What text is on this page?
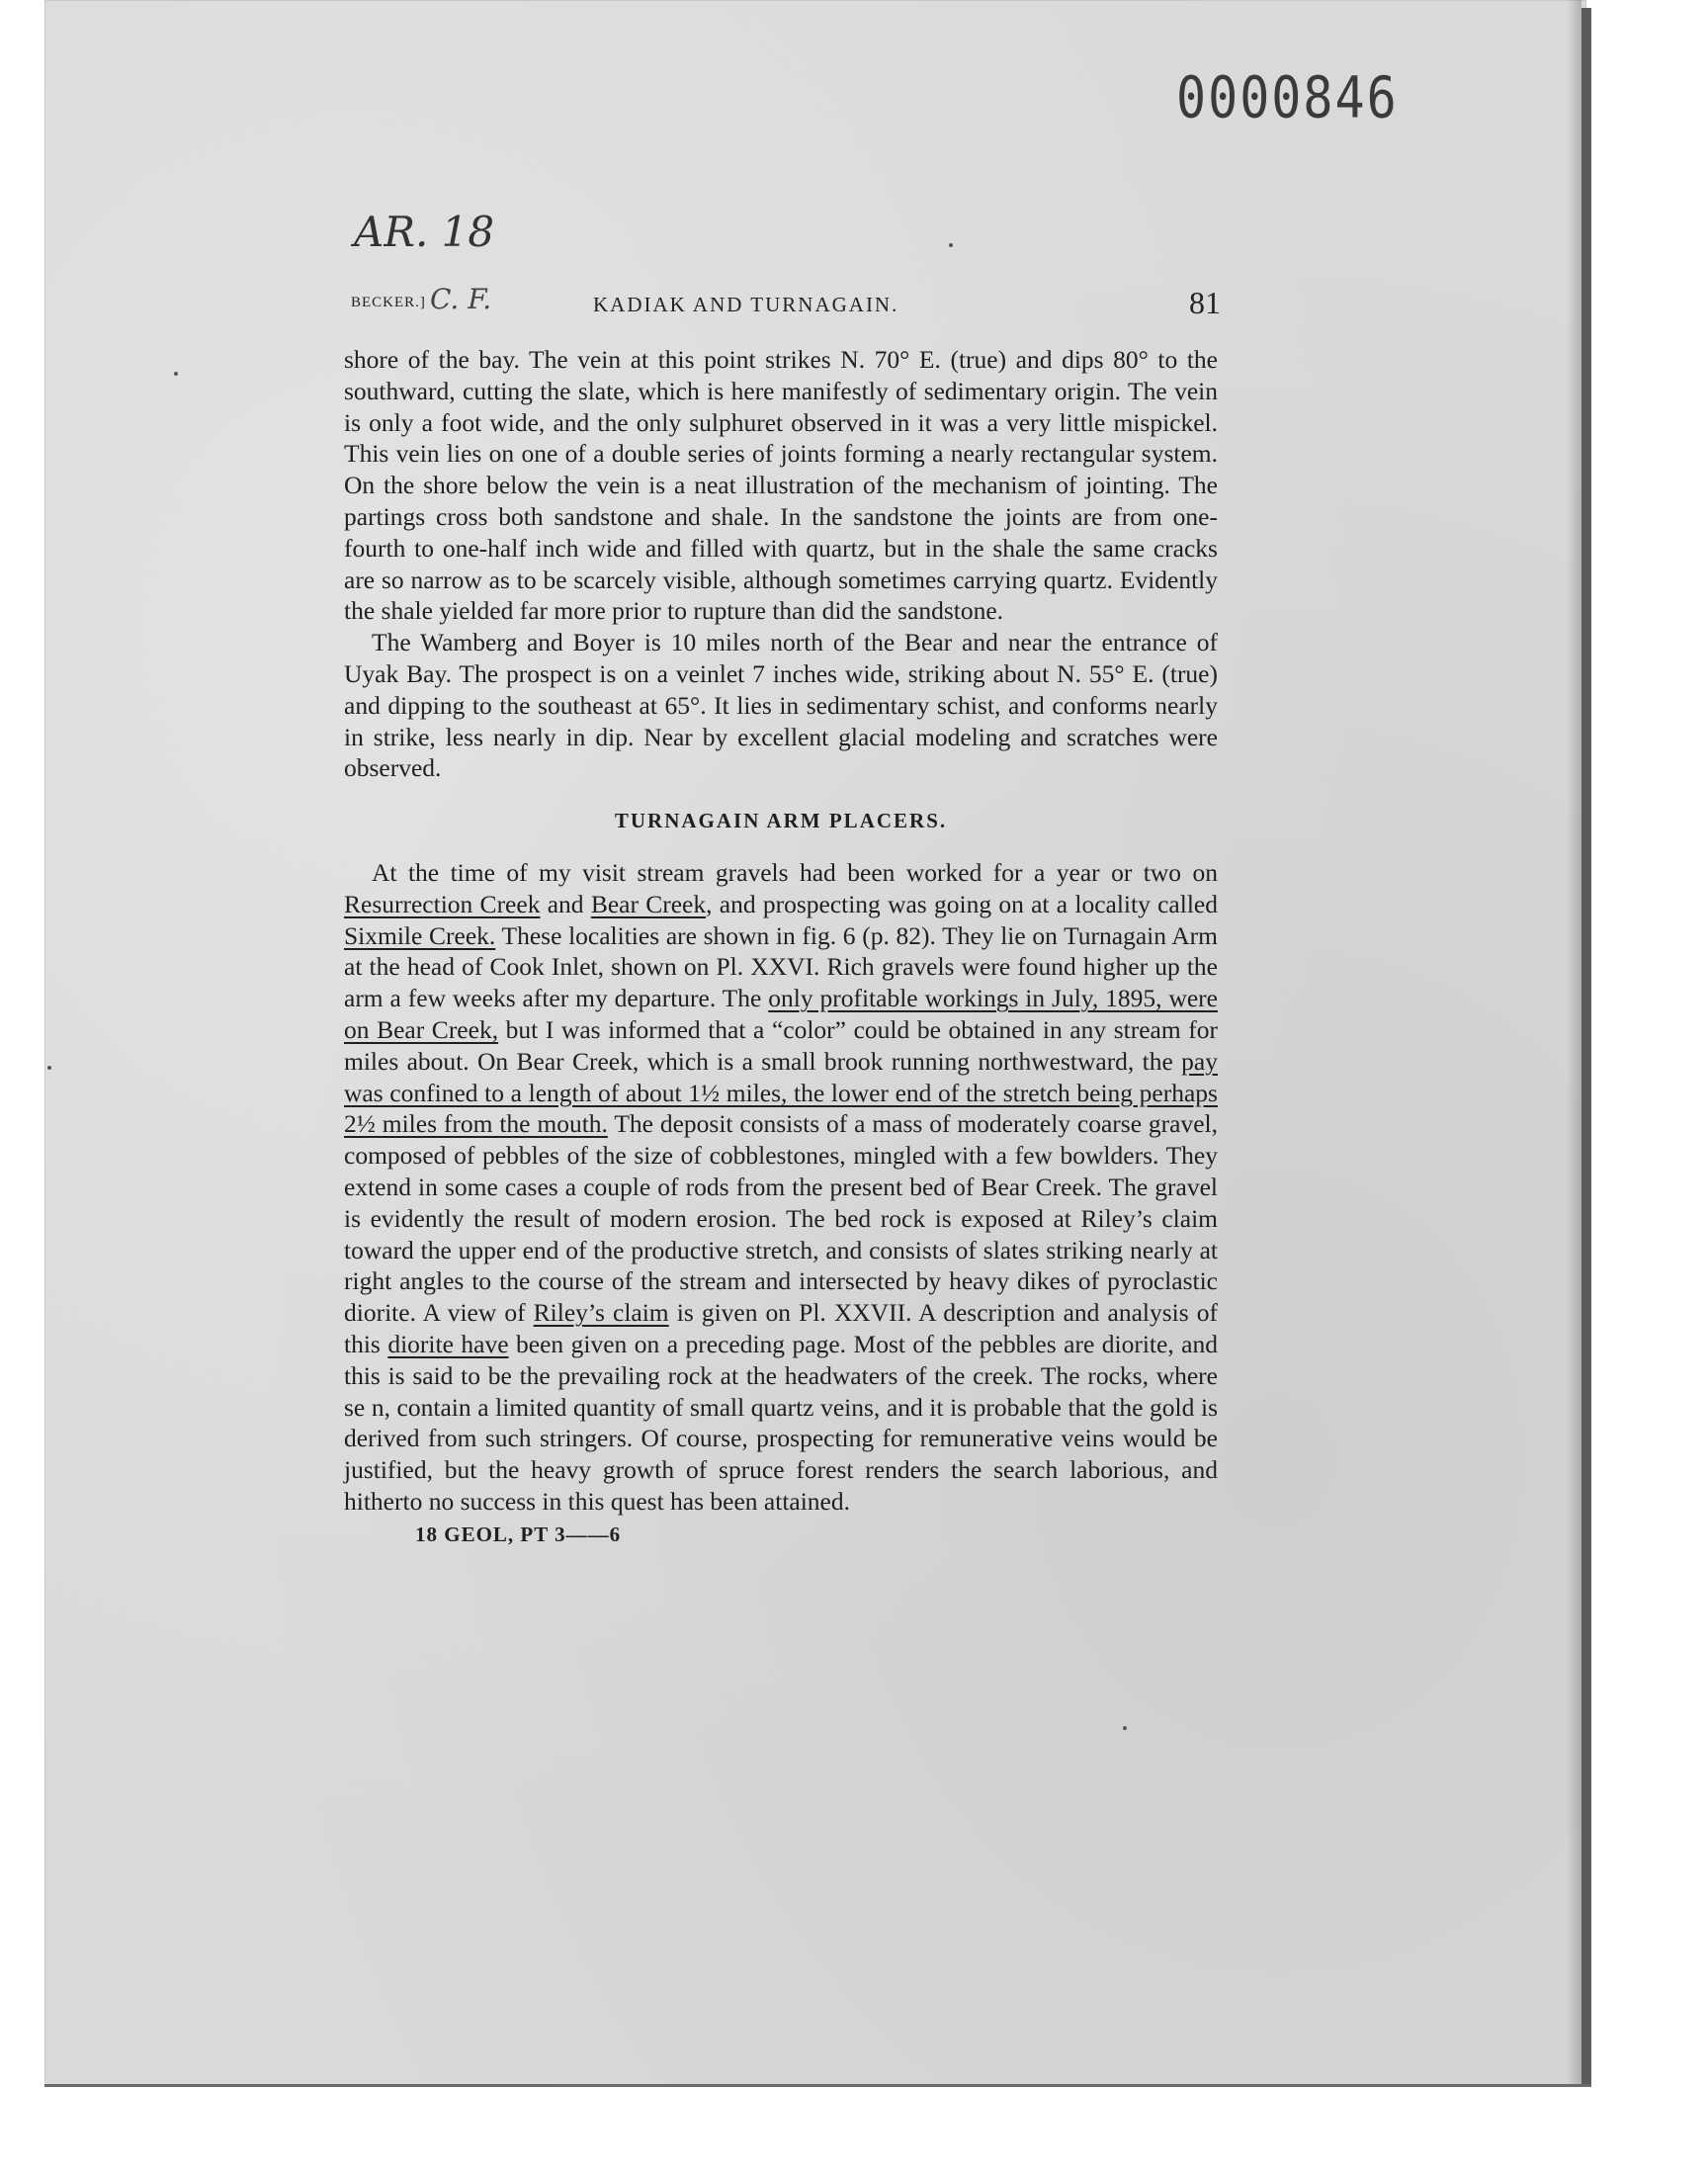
0000846
AR. 18
BECKER.] C. F.	KADIAK AND TURNAGAIN.	81

shore of the bay. The vein at this point strikes N. 70° E. (true) and dips 80° to the southward, cutting the slate, which is here manifestly of sedimentary origin. The vein is only a foot wide, and the only sulphuret observed in it was a very little mispickel. This vein lies on one of a double series of joints forming a nearly rectangular system. On the shore below the vein is a neat illustration of the mechanism of jointing. The partings cross both sandstone and shale. In the sandstone the joints are from one-fourth to one-half inch wide and filled with quartz, but in the shale the same cracks are so narrow as to be scarcely visible, although sometimes carrying quartz. Evidently the shale yielded far more prior to rupture than did the sandstone.

The Wamberg and Boyer is 10 miles north of the Bear and near the entrance of Uyak Bay. The prospect is on a veinlet 7 inches wide, striking about N. 55° E. (true) and dipping to the southeast at 65°. It lies in sedimentary schist, and conforms nearly in strike, less nearly in dip. Near by excellent glacial modeling and scratches were observed.

TURNAGAIN ARM PLACERS.

At the time of my visit stream gravels had been worked for a year or two on Resurrection Creek and Bear Creek, and prospecting was going on at a locality called Sixmile Creek. These localities are shown in fig. 6 (p. 82). They lie on Turnagain Arm at the head of Cook Inlet, shown on Pl. XXVI. Rich gravels were found higher up the arm a few weeks after my departure. The only profitable workings in July, 1895, were on Bear Creek, but I was informed that a “color” could be obtained in any stream for miles about. On Bear Creek, which is a small brook running northwestward, the pay was confined to a length of about 1½ miles, the lower end of the stretch being perhaps 2½ miles from the mouth. The deposit consists of a mass of moderately coarse gravel, composed of pebbles of the size of cobblestones, mingled with a few bowlders. They extend in some cases a couple of rods from the present bed of Bear Creek. The gravel is evidently the result of modern erosion. The bed rock is exposed at Riley’s claim toward the upper end of the productive stretch, and consists of slates striking nearly at right angles to the course of the stream and intersected by heavy dikes of pyroclastic diorite. A view of Riley’s claim is given on Pl. XXVII. A description and analysis of this diorite have been given on a preceding page. Most of the pebbles are diorite, and this is said to be the prevailing rock at the headwaters of the creek. The rocks, where se n, contain a limited quantity of small quartz veins, and it is probable that the gold is derived from such stringers. Of course, prospecting for remunerative veins would be justified, but the heavy growth of spruce forest renders the search laborious, and hitherto no success in this quest has been attained.

18 GEOL, PT 3——6
